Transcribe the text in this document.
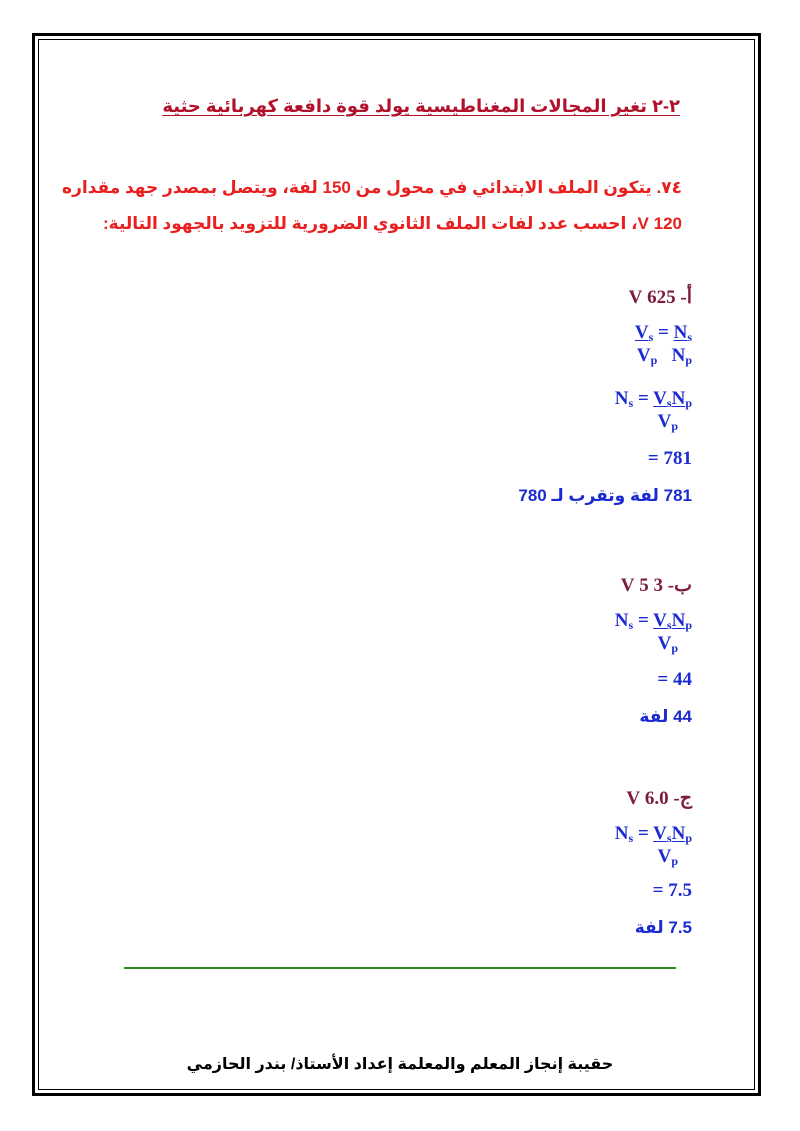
٢-٢ تغير المجالات المغناطيسية يولد قوة دافعة كهربائية حثية
٧٤. يتكون الملف الابتدائي في محول من 150 لفة، ويتصل بمصدر جهد مقداره
120 V، احسب عدد لفات الملف الثانوي الضرورية للتزويد بالجهود التالية:
أ- 625 V
$V_s = N_s$
$V_p$   $N_p$
$N_s = V_sN_p$
$V_p$
= 781
781 لفة وتقرب لـ 780
ب- 3 5 V
$N_s = V_sN_p$
$V_p$
= 44
44 لفة
ج- 6.0 V
$N_s = V_sN_p$
$V_p$
= 7.5
7.5 لفة
حقيبة إنجاز المعلم والمعلمة إعداد الأستاذ/ بندر الحازمي
